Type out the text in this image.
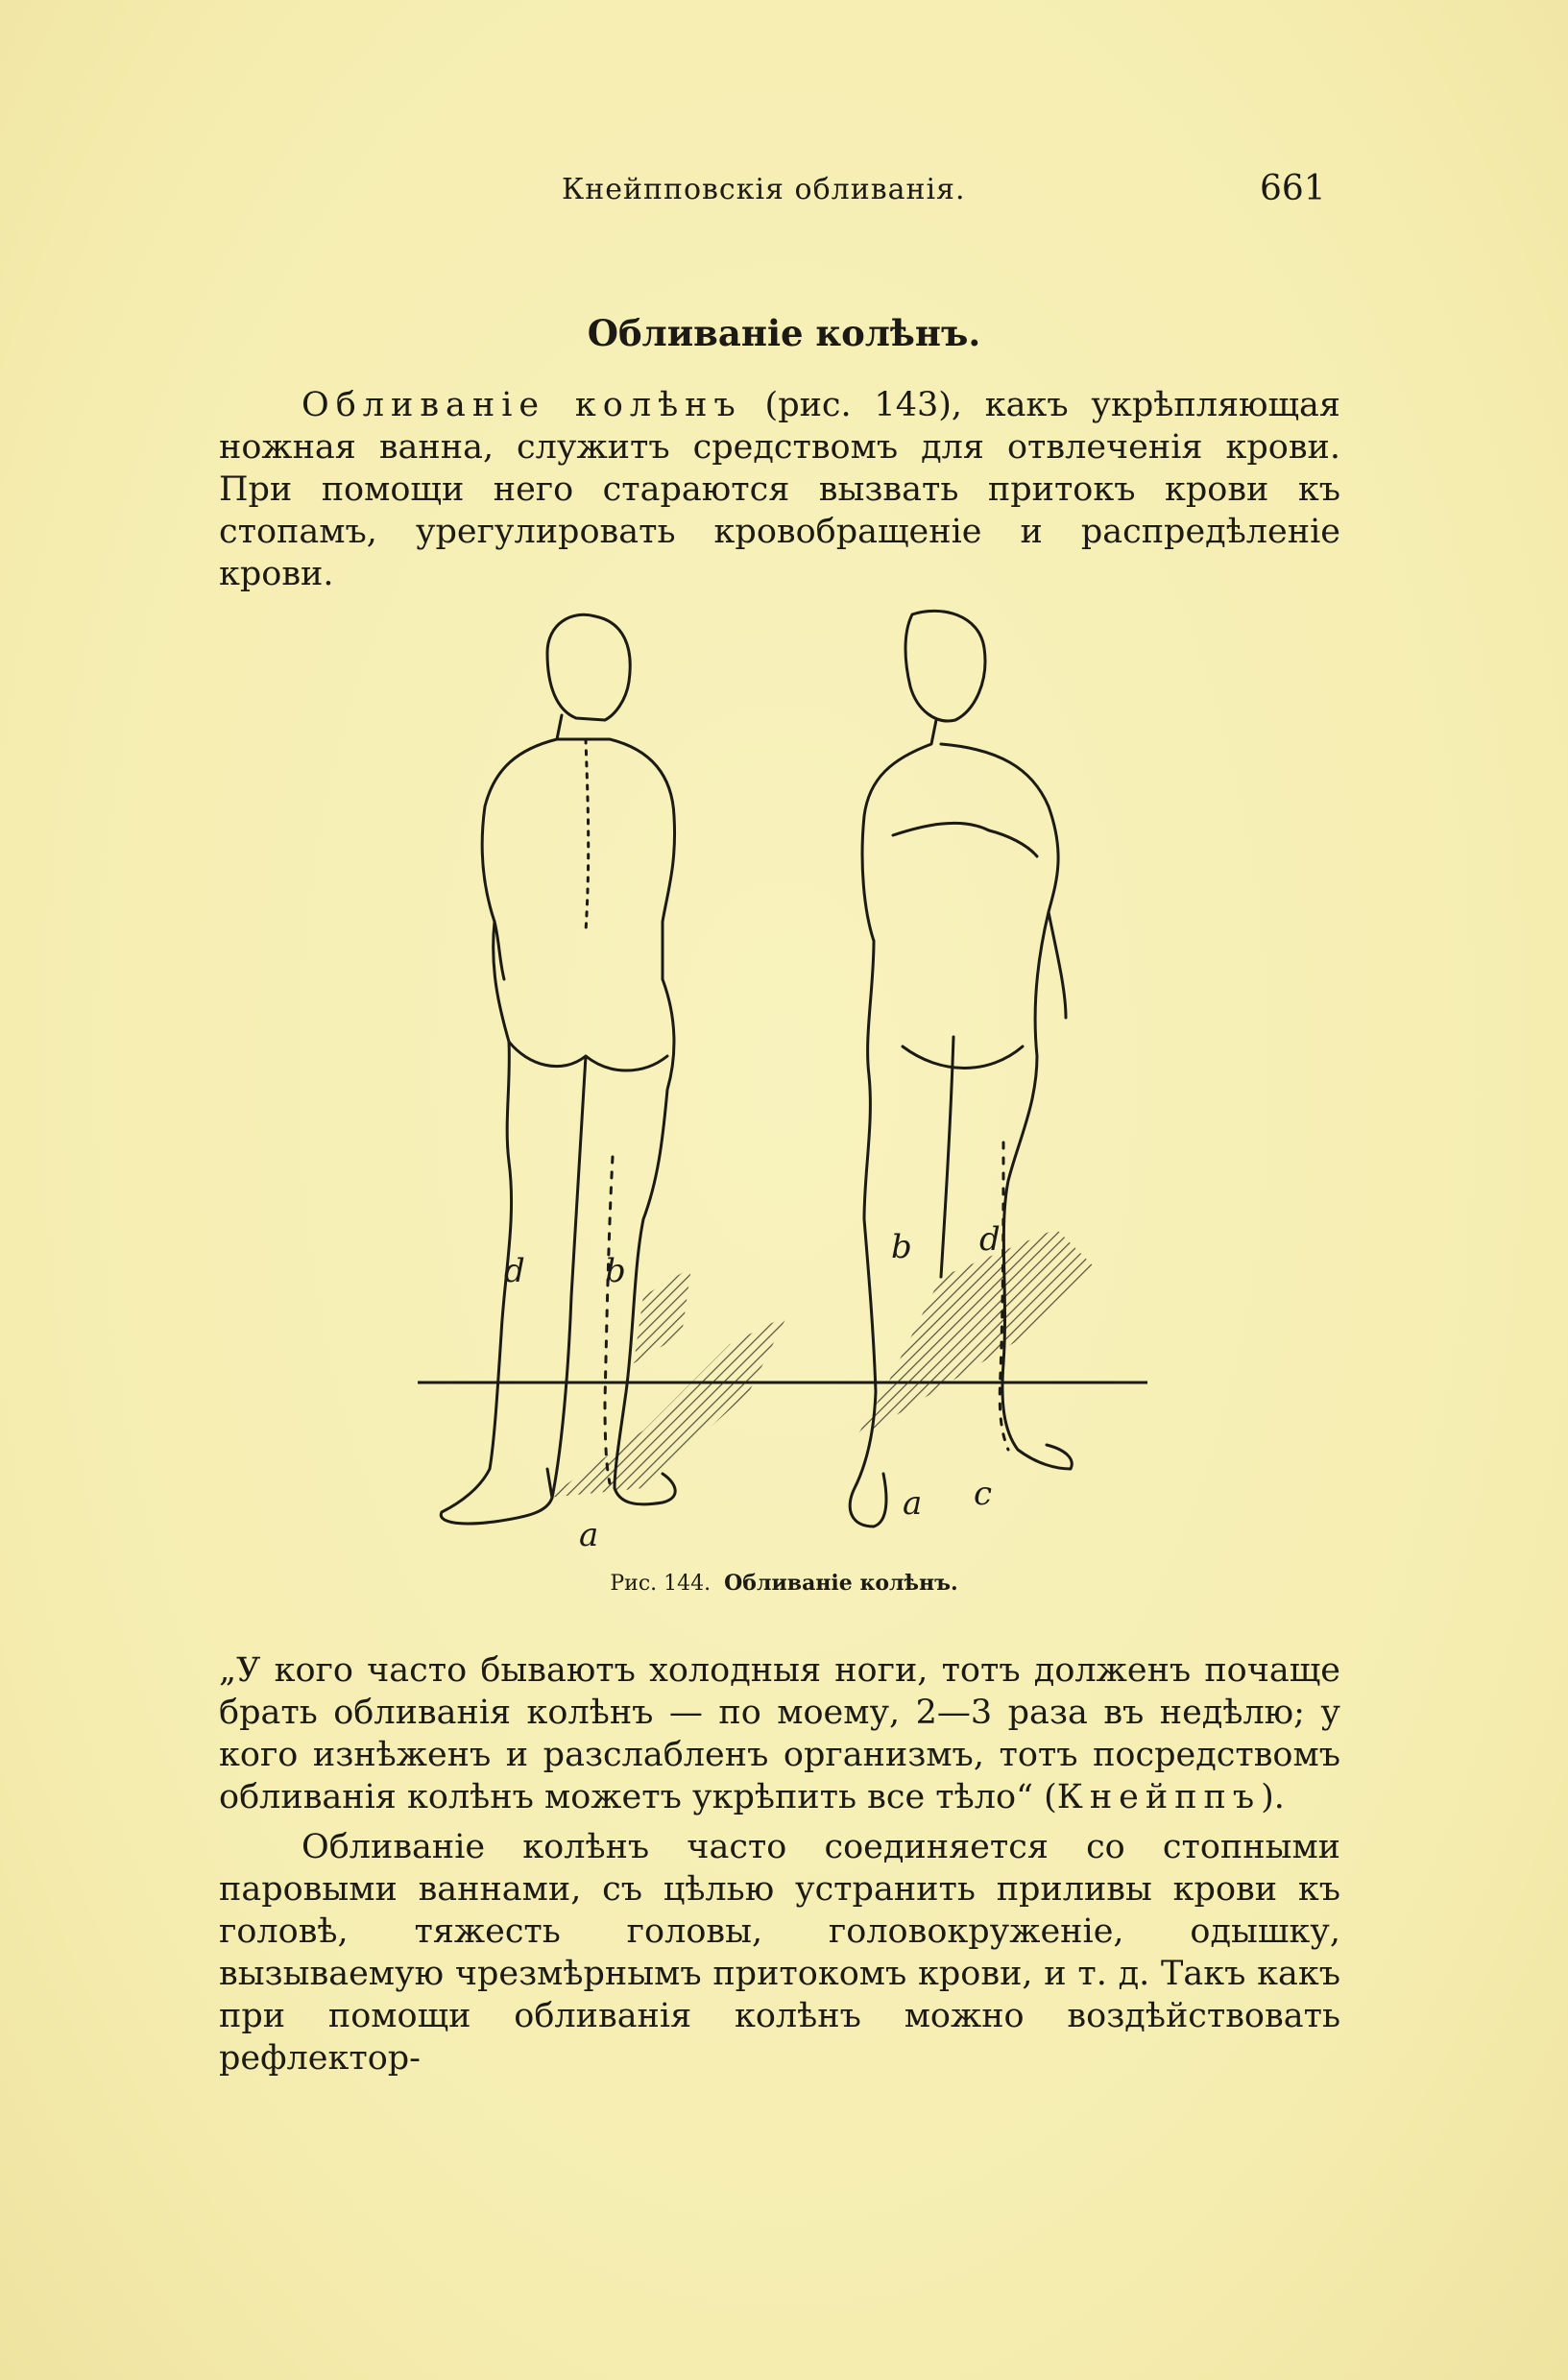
Кнейпповскія обливанія.	661
Обливаніе колѣнъ.

Обливаніе колѣнъ (рис. 143), какъ укрѣпляющая ножная ванна, служитъ средствомъ для отвлеченія крови. При помощи него стараются вызвать притокъ крови къ стопамъ, урегулировать кровобращеніе и распредѣленіе крови.

d b
a
b d
a c
Рис. 144. Обливаніе колѣнъ.

„У кого часто бываютъ холодныя ноги, тотъ долженъ почаще брать обливанія колѣнъ — по моему, 2—3 раза въ недѣлю; у кого изнѣженъ и разслабленъ организмъ, тотъ посредствомъ обливанія колѣнъ можетъ укрѣпить все тѣло“ (Кнейппъ).

Обливаніе колѣнъ часто соединяется со стопными паровыми ваннами, съ цѣлью устранить приливы крови къ головѣ, тяжесть головы, головокруженіе, одышку, вызываемую чрезмѣрнымъ притокомъ крови, и т. д. Такъ какъ при помощи обливанія колѣнъ можно воздѣйствовать рефлектор-
